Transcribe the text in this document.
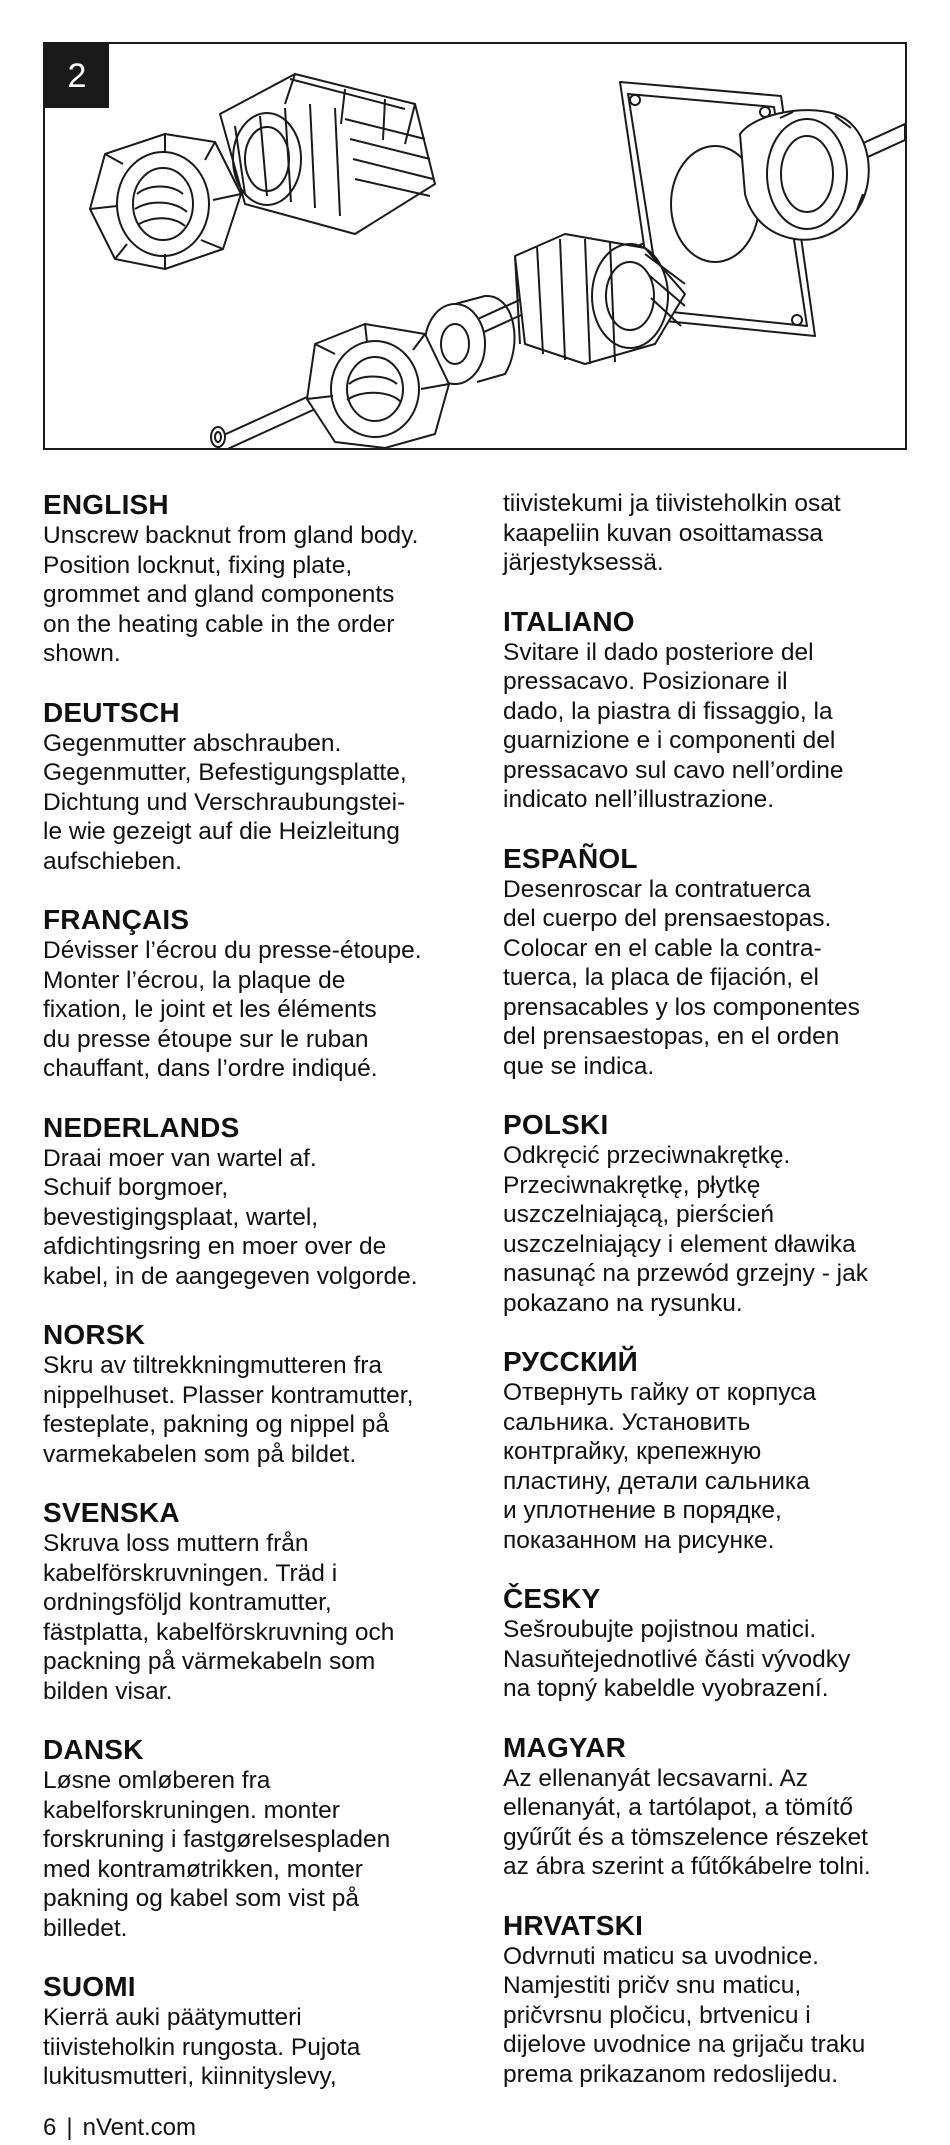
2
ENGLISH

Unscrew backnut from gland body.
Position locknut, fixing plate,
grommet and gland components
on the heating cable in the order
shown.

DEUTSCH

Gegenmutter abschrauben.
Gegenmutter, Befestigungsplatte,
Dichtung und Verschraubungstei-
le wie gezeigt auf die Heizleitung
aufschieben.

FRANÇAIS

Dévisser l’écrou du presse-étoupe.
Monter l’écrou, la plaque de
fixation, le joint et les éléments
du presse étoupe sur le ruban
chauffant, dans l’ordre indiqué.

NEDERLANDS

Draai moer van wartel af.
Schuif borgmoer,
bevestigingsplaat, wartel,
afdichtingsring en moer over de
kabel, in de aangegeven volgorde.

NORSK

Skru av tiltrekkningmutteren fra
nippelhuset. Plasser kontramutter,
festeplate, pakning og nippel på
varmekabelen som på bildet.

SVENSKA

Skruva loss muttern från
kabelförskruvningen. Träd i
ordningsföljd kontramutter,
fästplatta, kabelförskruvning och
packning på värmekabeln som
bilden visar.

DANSK

Løsne omløberen fra
kabelforskruningen. monter
forskruning i fastgørelsespladen
med kontramøtrikken, monter
pakning og kabel som vist på
billedet.

SUOMI

Kierrä auki päätymutteri
tiivisteholkin rungosta. Pujota
lukitusmutteri, kiinnityslevy,

tiivistekumi ja tiivisteholkin osat
kaapeliin kuvan osoittamassa
järjestyksessä.

ITALIANO

Svitare il dado posteriore del
pressacavo. Posizionare il
dado, la piastra di fissaggio, la
guarnizione e i componenti del
pressacavo sul cavo nell’ordine
indicato nell’illustrazione.

ESPAÑOL

Desenroscar la contratuerca
del cuerpo del prensaestopas.
Colocar en el cable la contra-
tuerca, la placa de fijación, el
prensacables y los componentes
del prensaestopas, en el orden
que se indica.

POLSKI

Odkręcić przeciwnakrętkę.
Przeciwnakrętkę, płytkę
uszczelniającą, pierścień
uszczelniający i element dławika
nasunąć na przewód grzejny - jak
pokazano na rysunku.

РУССКИЙ

Отвернуть гайку от корпуса
сальника. Установить
контргайку, крепежную
пластину, детали сальника
и уплотнение в порядке,
показанном на рисунке.

ČESKY

Sešroubujte pojistnou matici.
Nasuňtejednotlivé části vývodky
na topný kabeldle vyobrazení.

MAGYAR

Az ellenanyát lecsavarni. Az
ellenanyát, a tartólapot, a tömítő
gyűrűt és a tömszelence részeket
az ábra szerint a fűtőkábelre tolni.

HRVATSKI

Odvrnuti maticu sa uvodnice.
Namjestiti pričv snu maticu,
pričvrsnu pločicu, brtvenicu i
dijelove uvodnice na grijaču traku
prema prikazanom redoslijedu.

6 | nVent.com
